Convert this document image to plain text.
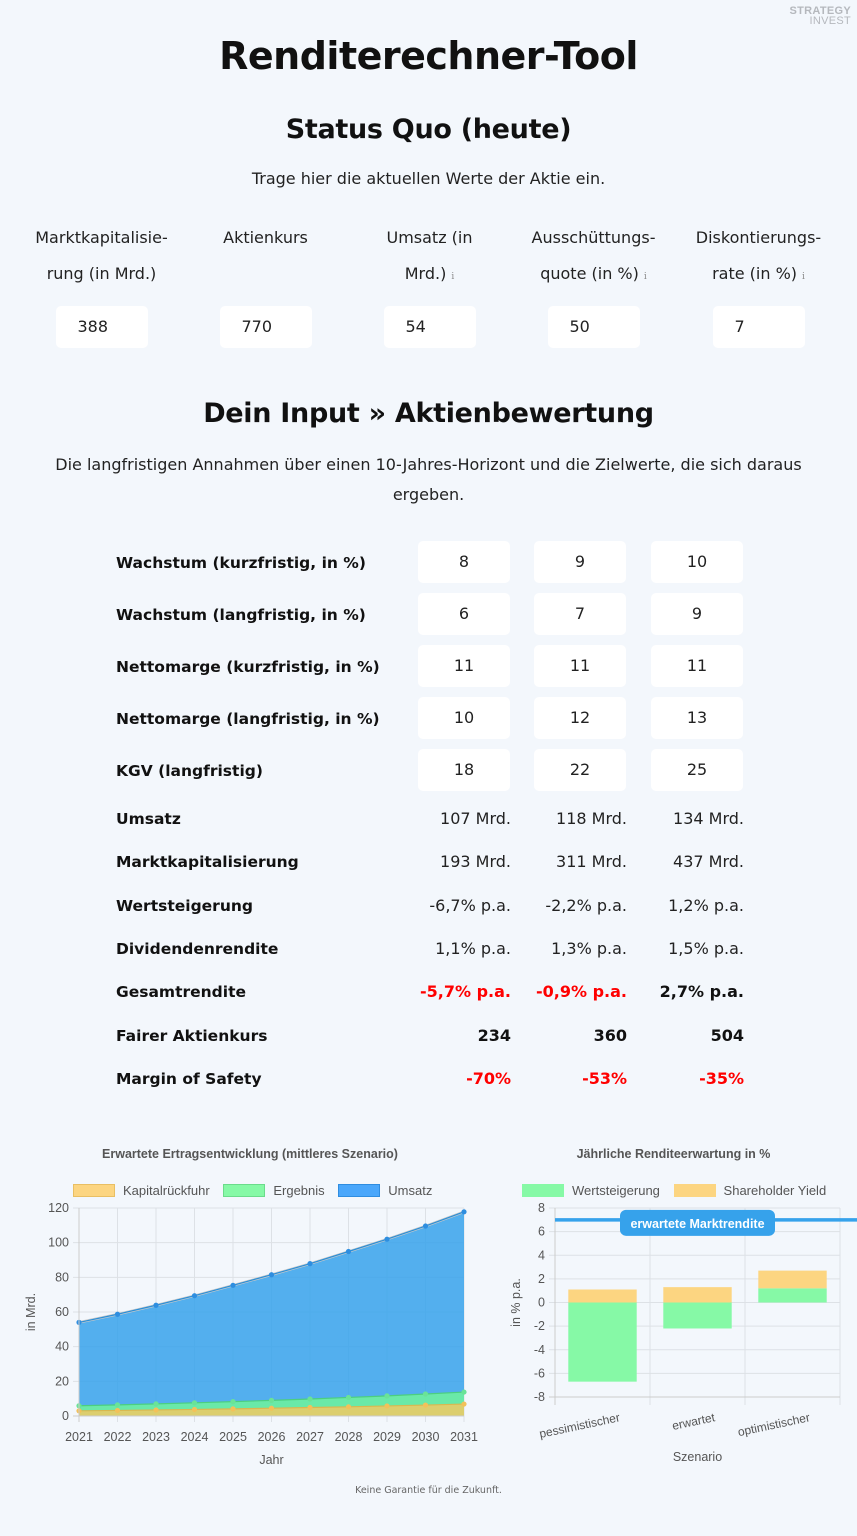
STRATEGY
INVEST
Renditerechner-Tool
Status Quo (heute)
Trage hier die aktuellen Werte der Aktie ein.
Marktkapitalisie-
rung (in Mrd.)
388
Aktienkurs

770
Umsatz (in
Mrd.) i
54
Ausschüttungs-
quote (in %) i
50
Diskontierungs-
rate (in %) i
7
Dein Input » Aktienbewertung
Die langfristigen Annahmen über einen 10-Jahres-Horizont und die Zielwerte, die sich daraus ergeben.
Wachstum (kurzfristig, in %)	8	9	10
Wachstum (langfristig, in %)	6	7	9
Nettomarge (kurzfristig, in %)	11	11	11
Nettomarge (langfristig, in %)	10	12	13
KGV (langfristig)	18	22	25
Umsatz	107 Mrd.	118 Mrd.	134 Mrd.
Marktkapitalisierung	193 Mrd.	311 Mrd.	437 Mrd.
Wertsteigerung	-6,7% p.a.	-2,2% p.a.	1,2% p.a.
Dividendenrendite	1,1% p.a.	1,3% p.a.	1,5% p.a.
Gesamtrendite	-5,7% p.a.	-0,9% p.a.	2,7% p.a.
Fairer Aktienkurs	234	360	504
Margin of Safety	-70%	-53%	-35%
Erwartete Ertragsentwicklung (mittleres Szenario)
Kapitalrückfuhr	Ergebnis	Umsatz
0
20
40
60
80
100
120
2021 2022 2023 2024 2025 2026 2027 2028 2029 2030 2031
Jahr
in Mrd.
Jährliche Renditeerwartung in %
Wertsteigerung	Shareholder Yield
-8
-6
-4
-2
0
2
4
6
8
erwartete Marktrendite
pessimistischer	erwartet optimistischer
Szenario
in % p.a.
Keine Garantie für die Zukunft.
